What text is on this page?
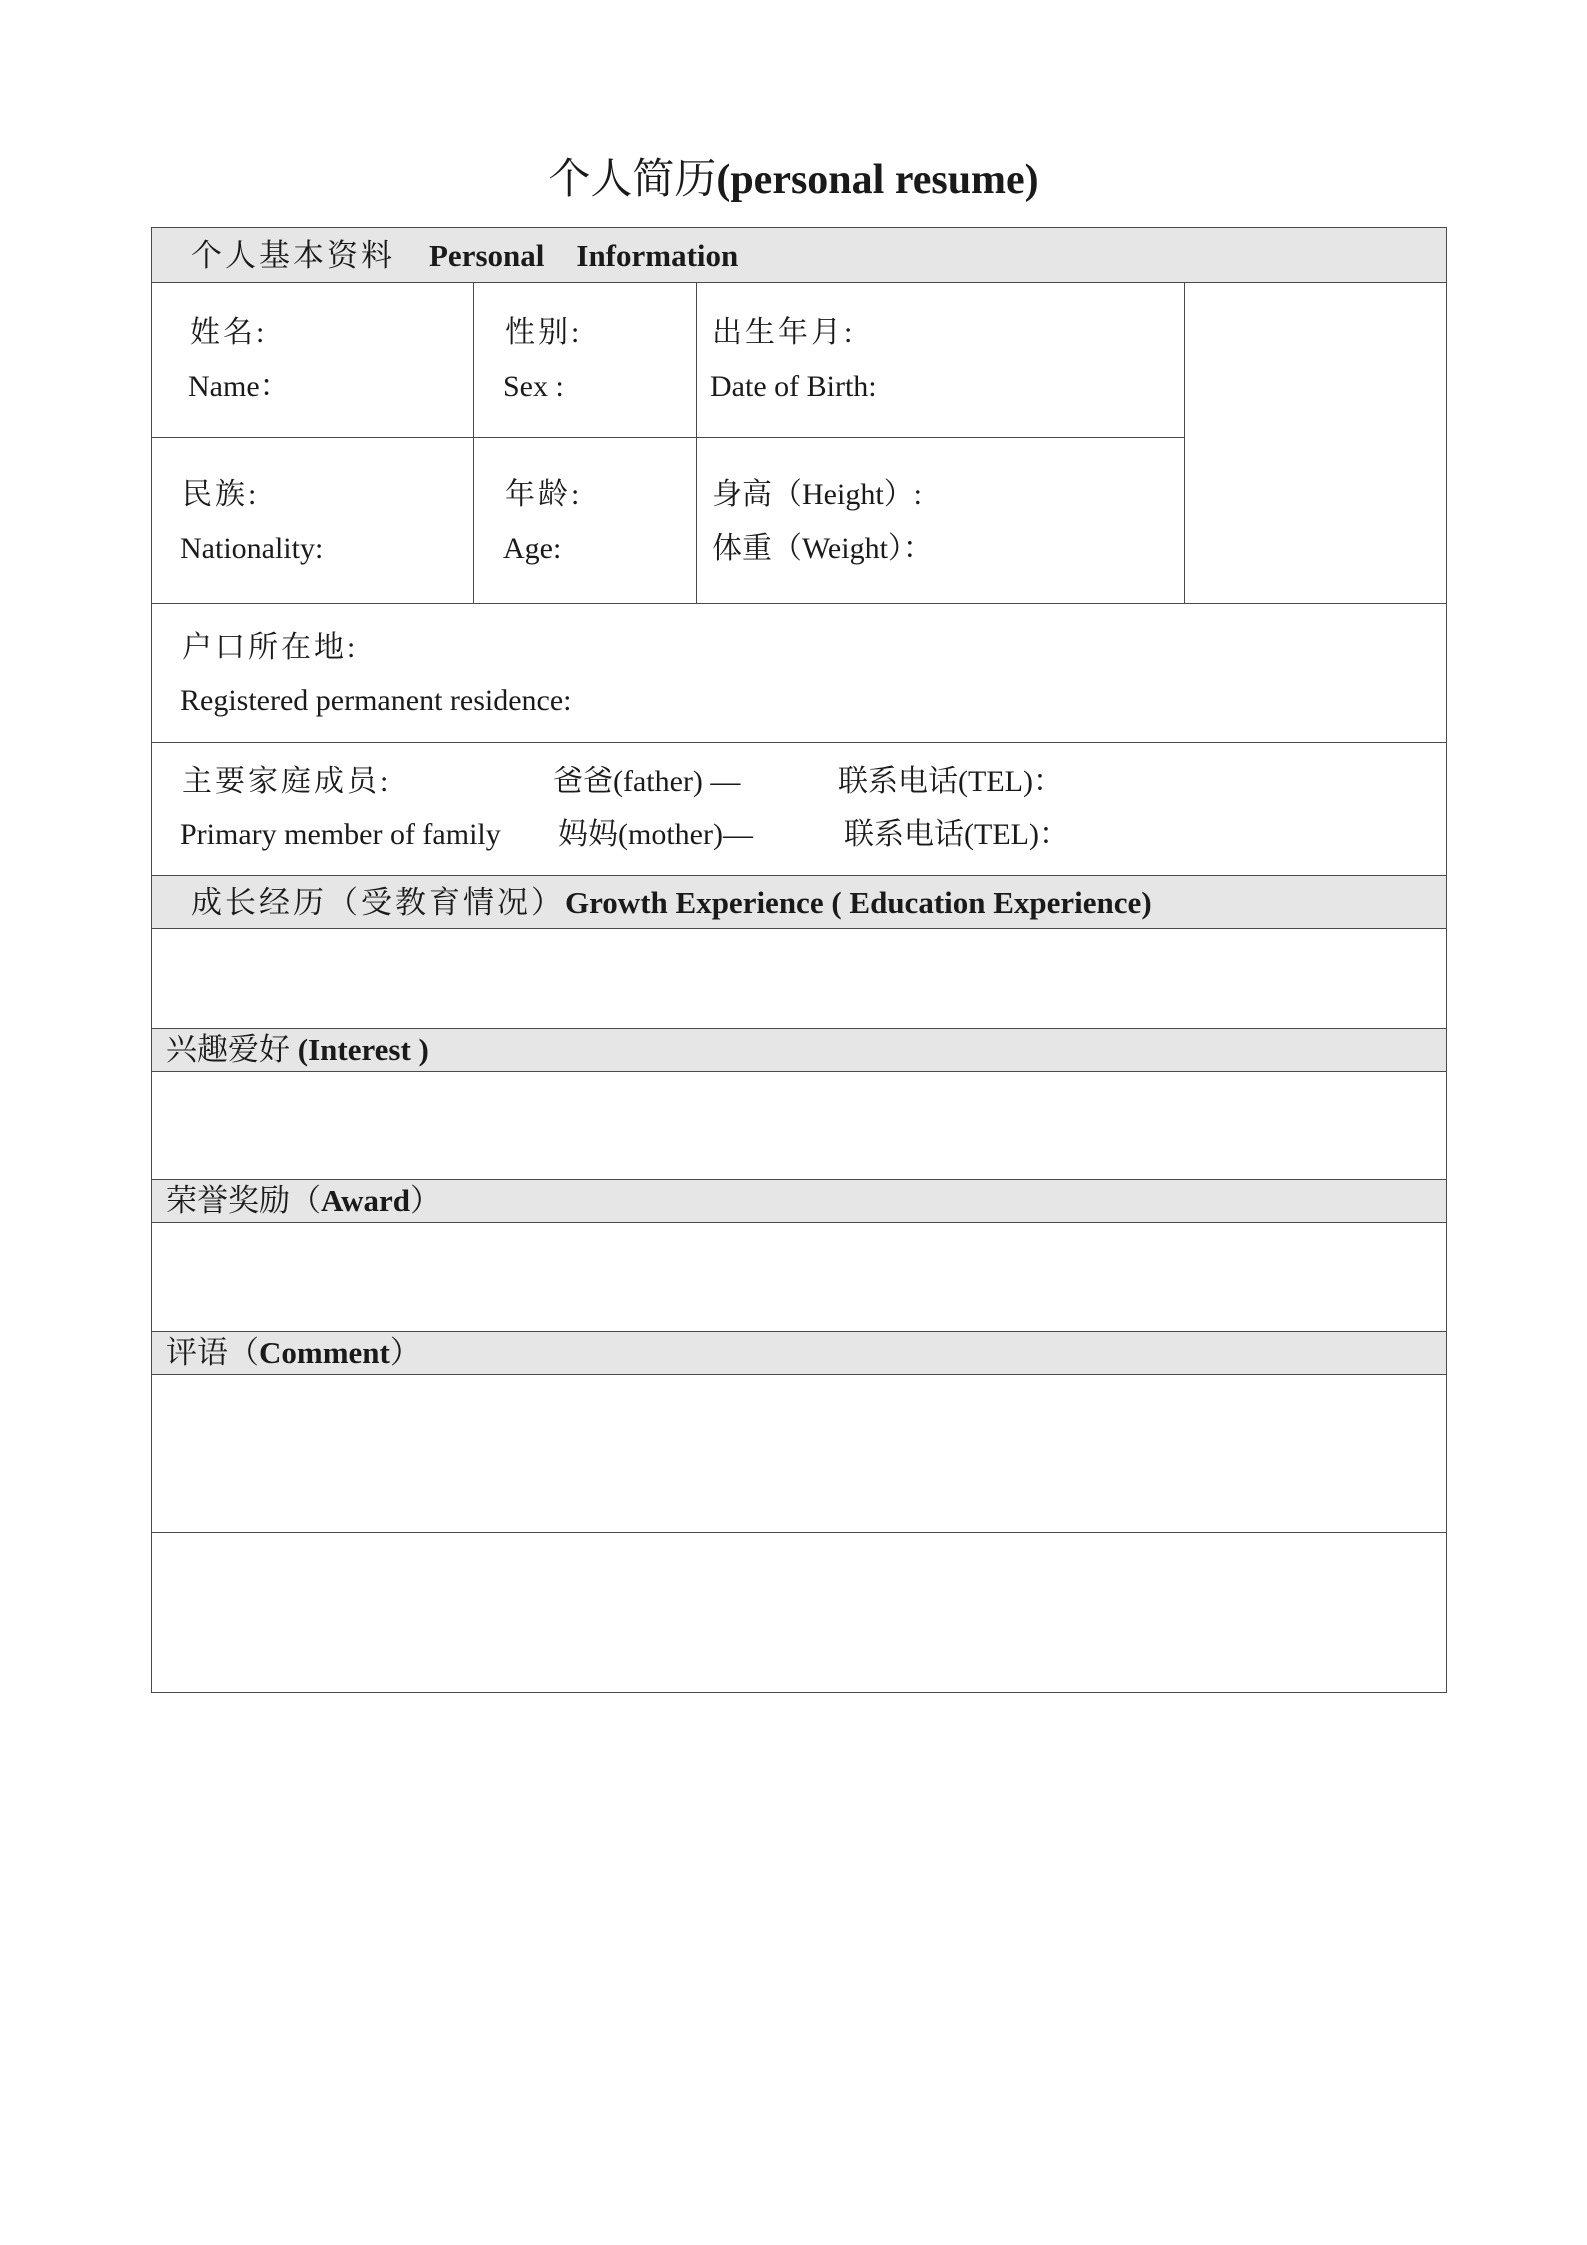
个人简历(personal resume)
个人基本资料 Personal Information
成长经历（受教育情况）Growth Experience ( Education Experience)
兴趣爱好 (Interest )
荣誉奖励（Award）
评语（Comment）
姓名:
Name：
性别:
Sex :
出生年月:
Date of Birth:
民族:
Nationality:
年龄:
Age:
身高（Height）:
体重（Weight）：
户口所在地:
Registered permanent residence:
主要家庭成员:
Primary member of family
爸爸(father) —
妈妈(mother)—
联系电话(TEL)：
联系电话(TEL)：
